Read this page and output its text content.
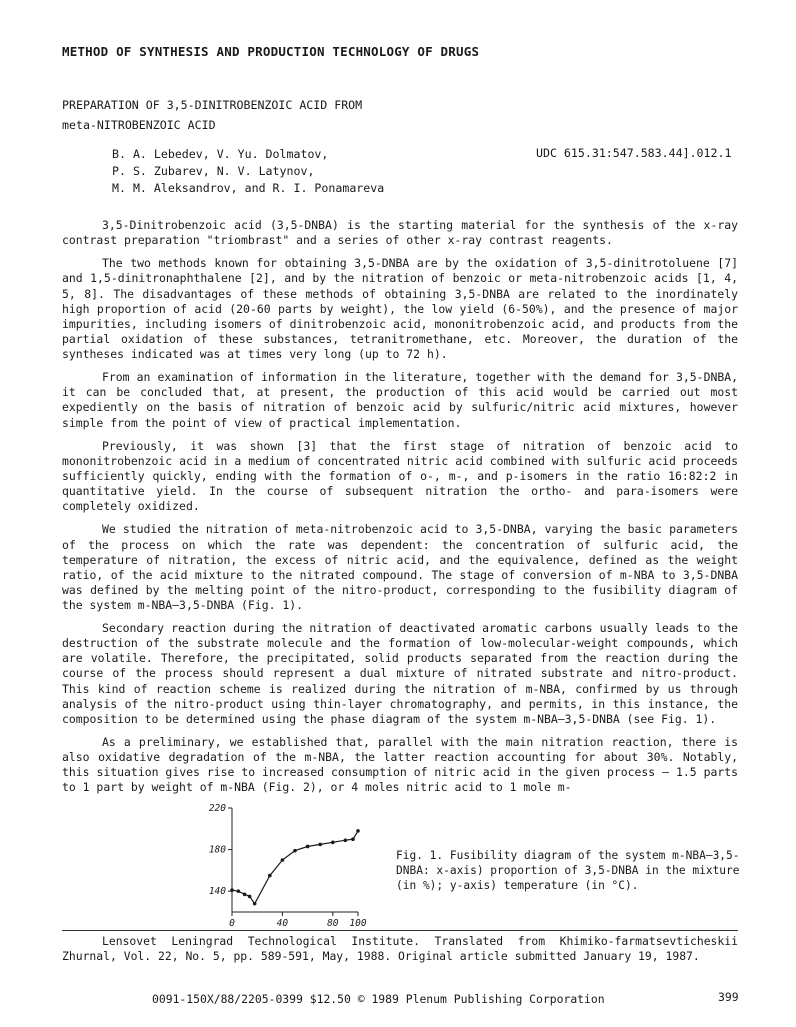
METHOD OF SYNTHESIS AND PRODUCTION TECHNOLOGY OF DRUGS
PREPARATION OF 3,5-DINITROBENZOIC ACID FROM
meta-NITROBENZOIC ACID
B. A. Lebedev, V. Yu. Dolmatov,
P. S. Zubarev, N. V. Latynov,
M. M. Aleksandrov, and R. I. Ponamareva
UDC 615.31:547.583.44].012.1

3,5-Dinitrobenzoic acid (3,5-DNBA) is the starting material for the synthesis of the x-ray contrast preparation "triombrast" and a series of other x-ray contrast reagents.

The two methods known for obtaining 3,5-DNBA are by the oxidation of 3,5-dinitrotoluene [7] and 1,5-dinitronaphthalene [2], and by the nitration of benzoic or meta-nitrobenzoic acids [1, 4, 5, 8]. The disadvantages of these methods of obtaining 3,5-DNBA are related to the inordinately high proportion of acid (20-60 parts by weight), the low yield (6-50%), and the presence of major impurities, including isomers of dinitrobenzoic acid, mononitrobenzoic acid, and products from the partial oxidation of these substances, tetranitromethane, etc. Moreover, the duration of the syntheses indicated was at times very long (up to 72 h).

From an examination of information in the literature, together with the demand for 3,5-DNBA, it can be concluded that, at present, the production of this acid would be carried out most expediently on the basis of nitration of benzoic acid by sulfuric/nitric acid mixtures, however simple from the point of view of practical implementation.

Previously, it was shown [3] that the first stage of nitration of benzoic acid to mononitrobenzoic acid in a medium of concentrated nitric acid combined with sulfuric acid proceeds sufficiently quickly, ending with the formation of o-, m-, and p-isomers in the ratio 16:82:2 in quantitative yield. In the course of subsequent nitration the ortho- and para-isomers were completely oxidized.

We studied the nitration of meta-nitrobenzoic acid to 3,5-DNBA, varying the basic parameters of the process on which the rate was dependent: the concentration of sulfuric acid, the temperature of nitration, the excess of nitric acid, and the equivalence, defined as the weight ratio, of the acid mixture to the nitrated compound. The stage of conversion of m-NBA to 3,5-DNBA was defined by the melting point of the nitro-product, corresponding to the fusibility diagram of the system m-NBA—3,5-DNBA (Fig. 1).

Secondary reaction during the nitration of deactivated aromatic carbons usually leads to the destruction of the substrate molecule and the formation of low-molecular-weight compounds, which are volatile. Therefore, the precipitated, solid products separated from the reaction during the course of the process should represent a dual mixture of nitrated substrate and nitro-product. This kind of reaction scheme is realized during the nitration of m-NBA, confirmed by us through analysis of the nitro-product using thin-layer chromatography, and permits, in this instance, the composition to be determined using the phase diagram of the system m-NBA—3,5-DNBA (see Fig. 1).

As a preliminary, we established that, parallel with the main nitration reaction, there is also oxidative degradation of the m-NBA, the latter reaction accounting for about 30%. Notably, this situation gives rise to increased consumption of nitric acid in the given process — 1.5 parts to 1 part by weight of m-NBA (Fig. 2), or 4 moles nitric acid to 1 mole m-

140
180
220
0	40	80 100
Fig. 1. Fusibility diagram of the system m-NBA—3,5-DNBA: x-axis) proportion of 3,5-DNBA in the mixture (in %); y-axis) temperature (in °C).
Lensovet Leningrad Technological Institute. Translated from Khimiko-farmatsevticheskii Zhurnal, Vol. 22, No. 5, pp. 589-591, May, 1988. Original article submitted January 19, 1987.
0091-150X/88/2205-0399 $12.50 © 1989 Plenum Publishing Corporation	399
